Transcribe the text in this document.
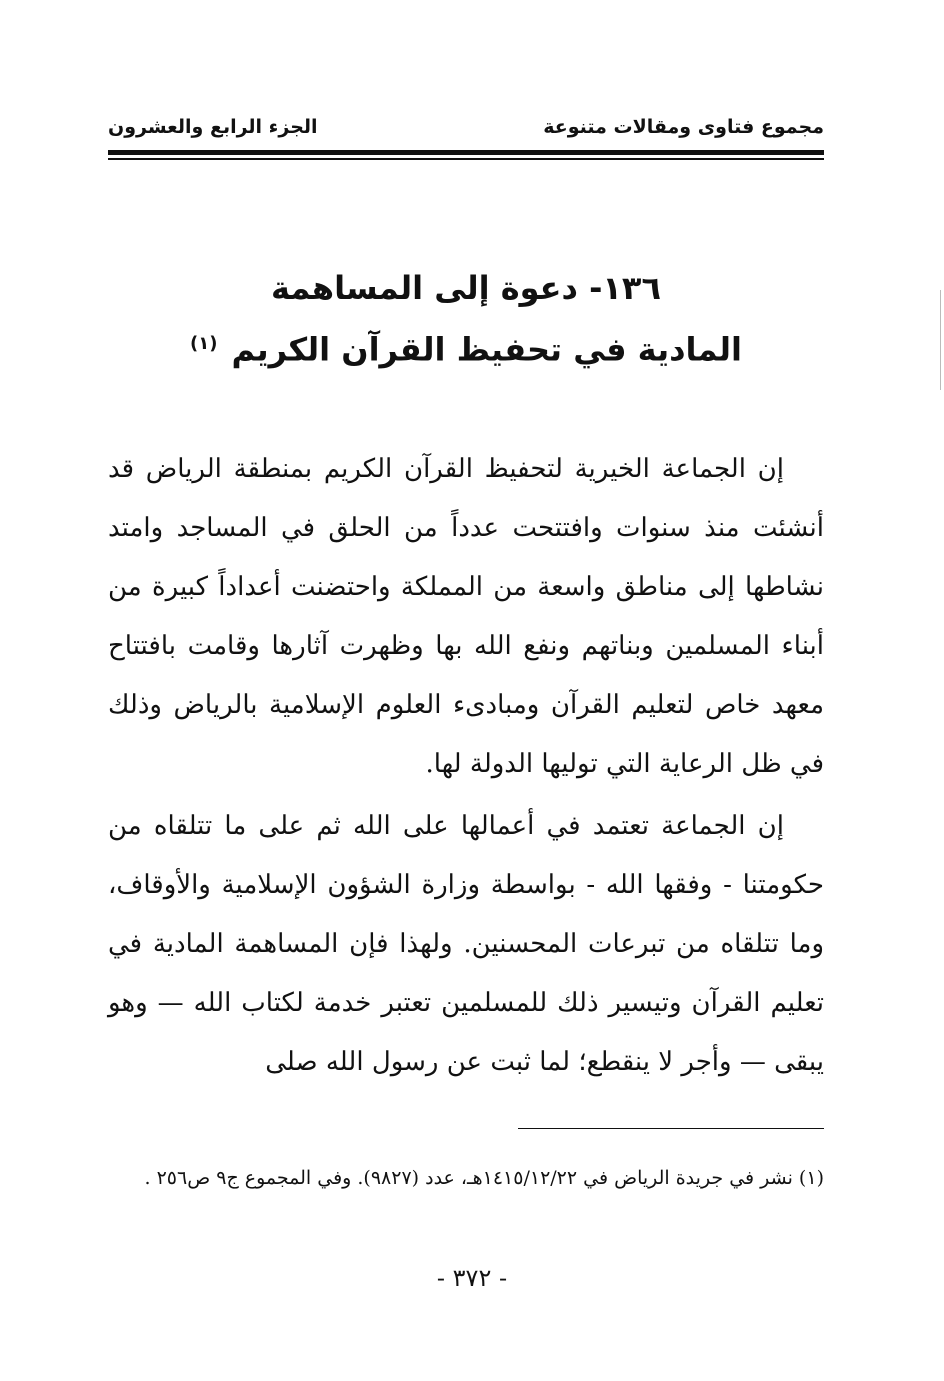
مجموع فتاوى ومقالات متنوعة
الجزء الرابع والعشرون
١٣٦- دعوة إلى المساهمة
المادية في تحفيظ القرآن الكريم$^{(١)}$

إن الجماعة الخيرية لتحفيظ القرآن الكريم بمنطقة الرياض قد أنشئت منذ سنوات وافتتحت عدداً من الحلق في المساجد وامتد نشاطها إلى مناطق واسعة من المملكة واحتضنت أعداداً كبيرة من أبناء المسلمين وبناتهم ونفع الله بها وظهرت آثارها وقامت بافتتاح معهد خاص لتعليم القرآن ومبادىء العلوم الإسلامية بالرياض وذلك في ظل الرعاية التي توليها الدولة لها.

إن الجماعة تعتمد في أعمالها على الله ثم على ما تتلقاه من حكومتنا - وفقها الله - بواسطة وزارة الشؤون الإسلامية والأوقاف، وما تتلقاه من تبرعات المحسنين. ولهذا فإن المساهمة المادية في تعليم القرآن وتيسير ذلك للمسلمين تعتبر خدمة لكتاب الله — وهو يبقى — وأجر لا ينقطع؛ لما ثبت عن رسول الله صلى

(١) نشر في جريدة الرياض في ١٤١٥/١٢/٢٢هـ، عدد (٩٨٢٧). وفي المجموع ج٩ ص٢٥٦ .
- ٣٧٢ -
